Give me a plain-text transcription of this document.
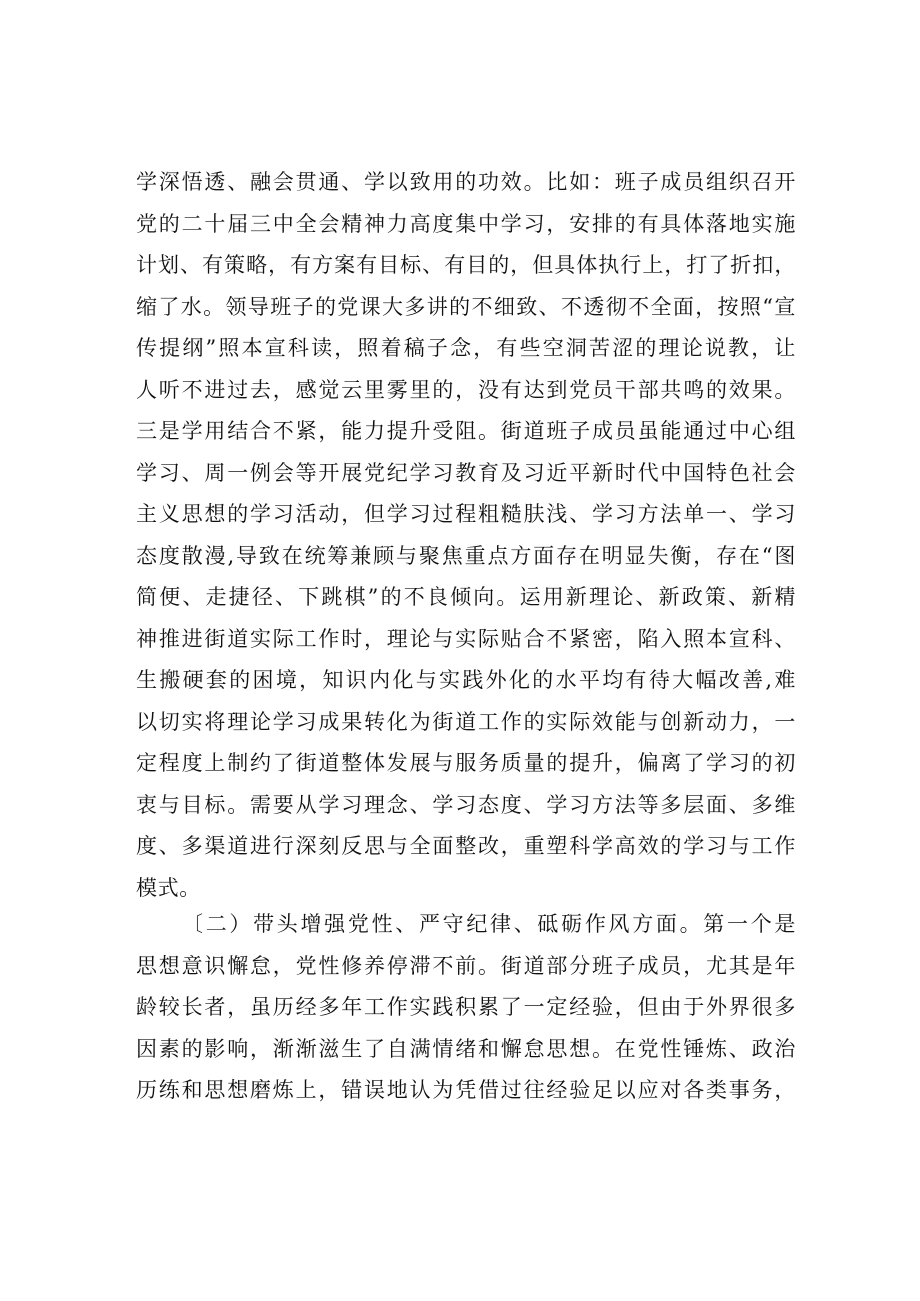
学深悟透、融会贯通、学以致用的功效。比如：班子成员组织召开
党的二十届三中全会精神力高度集中学习，安排的有具体落地实施
计划、有策略，有方案有目标、有目的，但具体执行上，打了折扣，
缩了水。领导班子的党课大多讲的不细致、不透彻不全面，按照“宣
传提纲”照本宣科读，照着稿子念，有些空洞苦涩的理论说教，让
人听不进过去，感觉云里雾里的，没有达到党员干部共鸣的效果。
三是学用结合不紧，能力提升受阻。街道班子成员虽能通过中心组
学习、周一例会等开展党纪学习教育及习近平新时代中国特色社会
主义思想的学习活动，但学习过程粗糙肤浅、学习方法单一、学习
态度散漫,导致在统筹兼顾与聚焦重点方面存在明显失衡，存在“图
简便、走捷径、下跳棋”的不良倾向。运用新理论、新政策、新精
神推进街道实际工作时，理论与实际贴合不紧密，陷入照本宣科、
生搬硬套的困境，知识内化与实践外化的水平均有待大幅改善,难
以切实将理论学习成果转化为街道工作的实际效能与创新动力，一
定程度上制约了街道整体发展与服务质量的提升，偏离了学习的初
衷与目标。需要从学习理念、学习态度、学习方法等多层面、多维
度、多渠道进行深刻反思与全面整改，重塑科学高效的学习与工作
模式。
〔二）带头增强党性、严守纪律、砥砺作风方面。第一个是
思想意识懈怠，党性修养停滞不前。街道部分班子成员，尤其是年
龄较长者，虽历经多年工作实践积累了一定经验，但由于外界很多
因素的影响，渐渐滋生了自满情绪和懈怠思想。在党性锤炼、政治
历练和思想磨炼上，错误地认为凭借过往经验足以应对各类事务，
